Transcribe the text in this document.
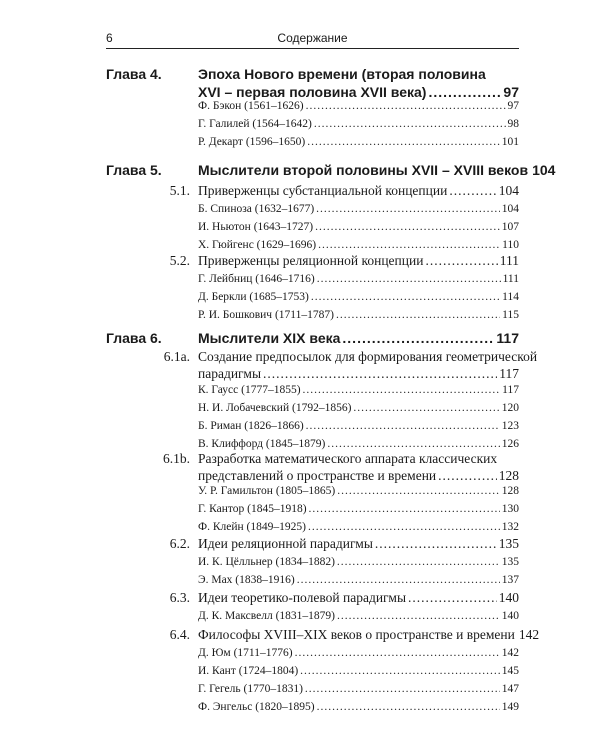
6	Содержание
Глава 4.	Эпоха Нового времени (вторая половина
XVI – первая половина XVII века) .....	97
Ф. Бэкон (1561–1626) .....	97
Г. Галилей (1564–1642) .....	98
Р. Декарт (1596–1650) .....	101
Глава 5.	Мыслители второй половины XVII – XVIII веков 104
5.1. Приверженцы субстанциальной концепции .....	104
Б. Спиноза (1632–1677) .....	104
И. Ньютон (1643–1727) .....	107
Х. Гюйгенс (1629–1696) .....	110
5.2. Приверженцы реляционной концепции .....	111
Г. Лейбниц (1646–1716) .....	111
Д. Беркли (1685–1753) .....	114
Р. И. Бошкович (1711–1787) .....	115
Глава 6.	Мыслители XIX века .....	117
6.1a. Создание предпосылок для формирования геометрической
парадигмы .....	117
К. Гаусс (1777–1855) .....	117
Н. И. Лобачевский (1792–1856) .....	120
Б. Риман (1826–1866) .....	123
В. Клиффорд (1845–1879) .....	126
6.1b. Разработка математического аппарата классических
представлений о пространстве и времени .....	128
У. Р. Гамильтон (1805–1865) .....	128
Г. Кантор (1845–1918) .....	130
Ф. Клейн (1849–1925) .....	132
6.2. Идеи реляционной парадигмы .....	135
И. К. Цёлльнер (1834–1882) .....	135
Э. Мах (1838–1916) .....	137
6.3. Идеи теоретико-полевой парадигмы .....	140
Д. К. Максвелл (1831–1879) .....	140
6.4. Философы XVIII–XIX веков о пространстве и времени 142
Д. Юм (1711–1776) .....	142
И. Кант (1724–1804) .....	145
Г. Гегель (1770–1831) .....	147
Ф. Энгельс (1820–1895) .....	149
